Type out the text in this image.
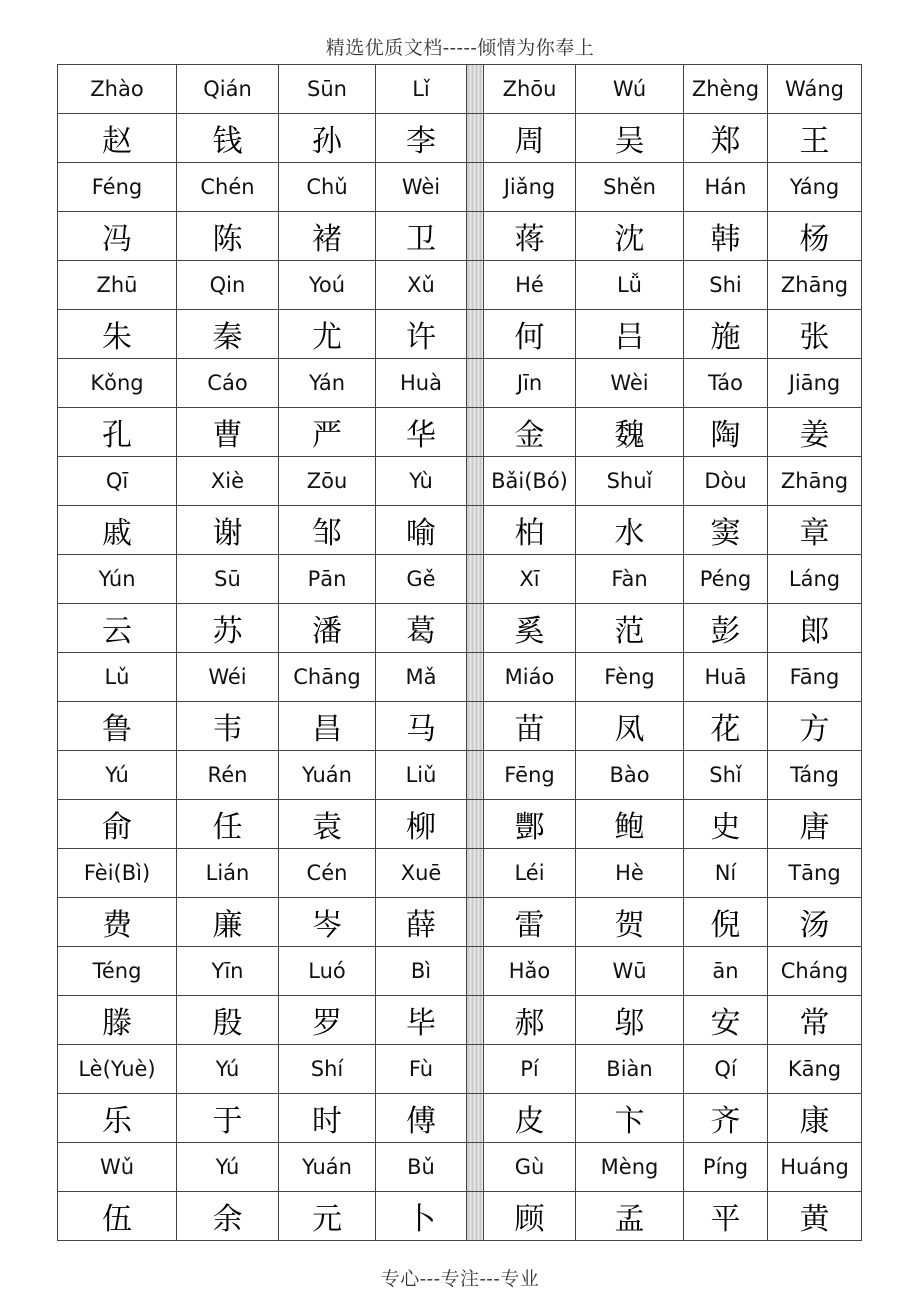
精选优质文档-----倾情为你奉上
Zhào	Qián	Sūn	Lǐ		Zhōu	Wú	Zhèng	Wáng
赵	钱	孙	李		周	吴	郑	王
Féng	Chén	Chǔ	Wèi		Jiǎng	Shěn	Hán	Yáng
冯	陈	褚	卫		蒋	沈	韩	杨
Zhū	Qin	Yoú	Xǔ		Hé	Lǚ	Shi	Zhāng
朱	秦	尤	许		何	吕	施	张
Kǒng	Cáo	Yán	Huà		Jīn	Wèi	Táo	Jiāng
孔	曹	严	华		金	魏	陶	姜
Qī	Xiè	Zōu	Yù		Bǎi(Bó)	Shuǐ	Dòu	Zhāng
戚	谢	邹	喻		柏	水	窦	章
Yún	Sū	Pān	Gě		Xī	Fàn	Péng	Láng
云	苏	潘	葛		奚	范	彭	郎
Lǔ	Wéi	Chāng	Mǎ		Miáo	Fèng	Huā	Fāng
鲁	韦	昌	马		苗	凤	花	方
Yú	Rén	Yuán	Liǔ		Fēng	Bào	Shǐ	Táng
俞	任	袁	柳		酆	鲍	史	唐
Fèi(Bì)	Lián	Cén	Xuē		Léi	Hè	Ní	Tāng
费	廉	岑	薛		雷	贺	倪	汤
Téng	Yīn	Luó	Bì		Hǎo	Wū	ān	Cháng
滕	殷	罗	毕		郝	邬	安	常
Lè(Yuè)	Yú	Shí	Fù		Pí	Biàn	Qí	Kāng
乐	于	时	傅		皮	卞	齐	康
Wǔ	Yú	Yuán	Bǔ		Gù	Mèng	Píng	Huáng
伍	余	元	卜		顾	孟	平	黄
专心---专注---专业
